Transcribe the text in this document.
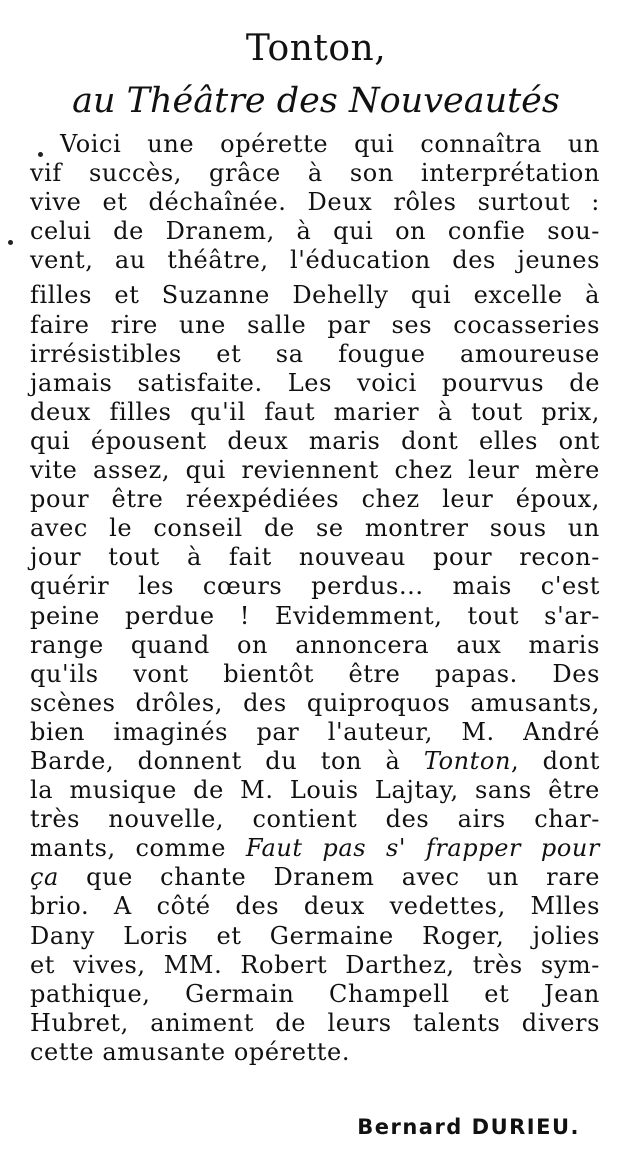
Tonton,
au Théâtre des Nouveautés
Voici une opérette qui connaîtra un
vif succès, grâce à son interprétation
vive et déchaînée. Deux rôles surtout :
celui de Dranem, à qui on confie sou-
vent, au théâtre, l'éducation des jeunes
filles et Suzanne Dehelly qui excelle à
faire rire une salle par ses cocasseries
irrésistibles et sa fougue amoureuse
jamais satisfaite. Les voici pourvus de
deux filles qu'il faut marier à tout prix,
qui épousent deux maris dont elles ont
vite assez, qui reviennent chez leur mère
pour être réexpédiées chez leur époux,
avec le conseil de se montrer sous un
jour tout à fait nouveau pour recon-
quérir les cœurs perdus... mais c'est
peine perdue ! Evidemment, tout s'ar-
range quand on annoncera aux maris
qu'ils vont bientôt être papas. Des
scènes drôles, des quiproquos amusants,
bien imaginés par l'auteur, M. André
Barde, donnent du ton à Tonton, dont
la musique de M. Louis Lajtay, sans être
très nouvelle, contient des airs char-
mants, comme Faut pas s' frapper pour
ça que chante Dranem avec un rare
brio. A côté des deux vedettes, Mlles
Dany Loris et Germaine Roger, jolies
et vives, MM. Robert Darthez, très sym-
pathique, Germain Champell et Jean
Hubret, animent de leurs talents divers
cette amusante opérette.
Bernard DURIEU.
